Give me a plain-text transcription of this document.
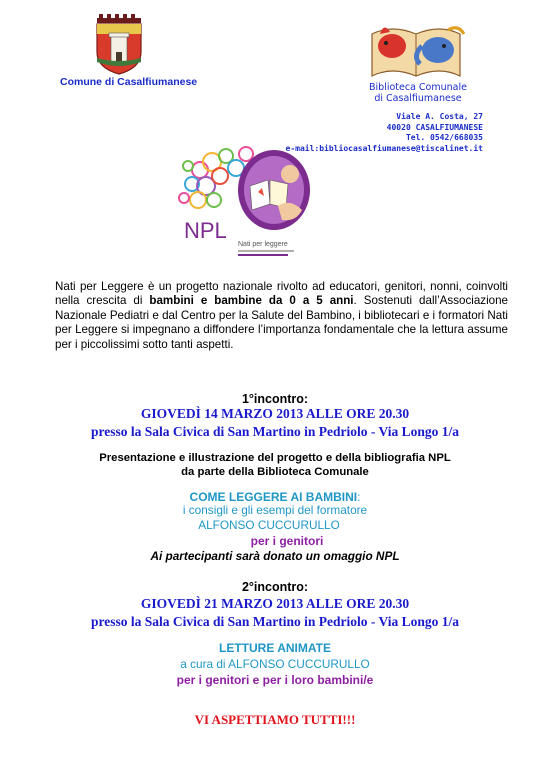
Comune di Casalfiumanese	Biblioteca Comunale
di Casalfiumanese
Viale A. Costa, 27
40020 CASALFIUMANESE
Tel. 0542/668035
e-mail:bibliocasalfiumanese@tiscalinet.it
NPL
Nati per leggere
Nati per Leggere è un progetto nazionale rivolto ad educatori, genitori, nonni, coinvolti nella crescita di bambini e bambine da 0 a 5 anni. Sostenuti dall’Associazione Nazionale Pediatri e dal Centro per la Salute del Bambino, i bibliotecari e i formatori Nati per Leggere si impegnano a diffondere l’importanza fondamentale che la lettura assume per i piccolissimi sotto tanti aspetti.
1°incontro:
GIOVEDÌ 14 MARZO 2013 ALLE ORE 20.30
presso la Sala Civica di San Martino in Pedriolo - Via Longo 1/a
Presentazione e illustrazione del progetto e della bibliografia NPL
da parte della Biblioteca Comunale
COME LEGGERE AI BAMBINI:
i consigli e gli esempi del formatore
ALFONSO CUCCURULLO
per i genitori
Ai partecipanti sarà donato un omaggio NPL
2°incontro:
GIOVEDÌ 21 MARZO 2013 ALLE ORE 20.30
presso la Sala Civica di San Martino in Pedriolo - Via Longo 1/a
LETTURE ANIMATE
a cura di ALFONSO CUCCURULLO
per i genitori e per i loro bambini/e
VI ASPETTIAMO TUTTI!!!
